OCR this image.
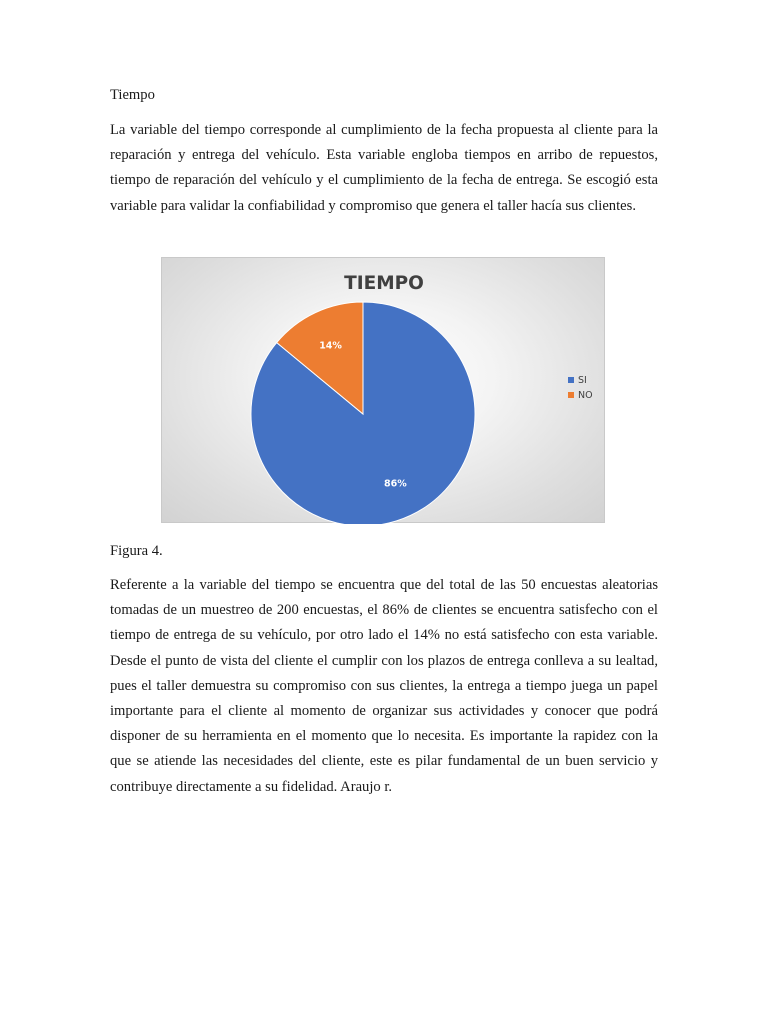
Tiempo

La variable del tiempo corresponde al cumplimiento de la fecha propuesta al cliente para la reparación y entrega del vehículo. Esta variable engloba tiempos en arribo de repuestos, tiempo de reparación del vehículo y el cumplimiento de la fecha de entrega. Se escogió esta variable para validar la confiabilidad y compromiso que genera el taller hacía sus clientes.

TIEMPO
86%
14%
SI
NO
Figura 4.

Referente a la variable del tiempo se encuentra que del total de las 50 encuestas aleatorias tomadas de un muestreo de 200 encuestas, el 86% de clientes se encuentra satisfecho con el tiempo de entrega de su vehículo, por otro lado el 14% no está satisfecho con esta variable. Desde el punto de vista del cliente el cumplir con los plazos de entrega conlleva a su lealtad, pues el taller demuestra su compromiso con sus clientes, la entrega a tiempo juega un papel importante para el cliente al momento de organizar sus actividades y conocer que podrá disponer de su herramienta en el momento que lo necesita. Es importante la rapidez con la que se atiende las necesidades del cliente, este es pilar fundamental de un buen servicio y contribuye directamente a su fidelidad. Araujo r.
